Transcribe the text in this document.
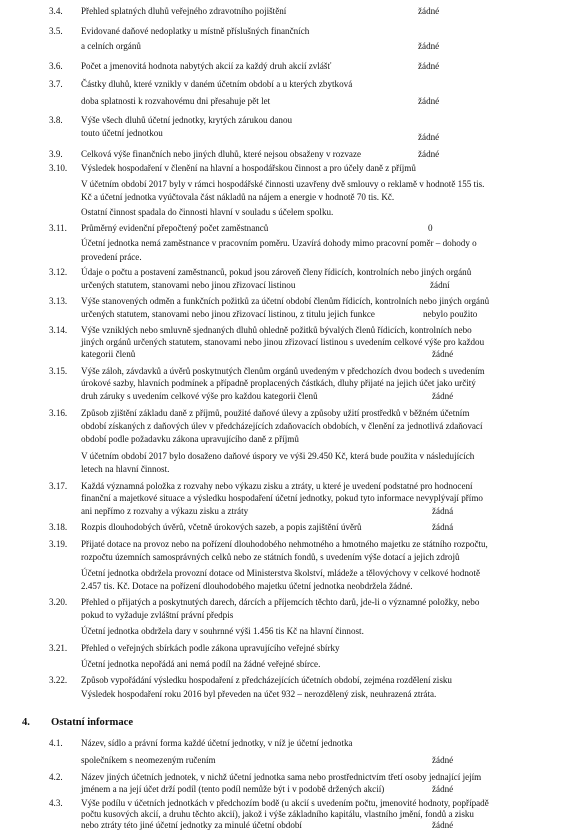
3.4. Přehled splatných dluhů veřejného zdravotního pojištění	žádné
3.5. Evidované daňové nedoplatky u místně příslušných finančních
a celních orgánů	žádné
3.6. Počet a jmenovitá hodnota nabytých akcií za každý druh akcií zvlášť	žádné
3.7. Částky dluhů, které vznikly v daném účetním období a u kterých zbytková
doba splatnosti k rozvahovému dni přesahuje pět let	žádné
3.8. Výše všech dluhů účetní jednotky, krytých zárukou danou
touto účetní jednotkou	žádné
3.9. Celková výše finančních nebo jiných dluhů, které nejsou obsaženy v rozvaze	žádné
3.10. Výsledek hospodaření v členění na hlavní a hospodářskou činnost a pro účely daně z příjmů
V účetním období 2017 byly v rámci hospodářské činnosti uzavřeny dvě smlouvy o reklamě v hodnotě 155 tis.
Kč a účetní jednotka vyúčtovala část nákladů na nájem a energie v hodnotě 70 tis. Kč.
Ostatní činnost spadala do činnosti hlavní v souladu s účelem spolku.
3.11. Průměrný evidenční přepočtený počet zaměstnanců	0
Účetní jednotka nemá zaměstnance v pracovním poměru. Uzavírá dohody mimo pracovní poměr – dohody o
provedení práce.
3.12. Údaje o počtu a postavení zaměstnanců, pokud jsou zároveň členy řídicích, kontrolních nebo jiných orgánů
určených statutem, stanovami nebo jinou zřizovací listinou	žádní
3.13. Výše stanovených odměn a funkčních požitků za účetní období členům řídicích, kontrolních nebo jiných orgánů
určených statutem, stanovami nebo jinou zřizovací listinou, z titulu jejich funkce	nebylo použito
3.14. Výše vzniklých nebo smluvně sjednaných dluhů ohledně požitků bývalých členů řídicích, kontrolních nebo
jiných orgánů určených statutem, stanovami nebo jinou zřizovací listinou s uvedením celkové výše pro každou
kategorii členů	žádné
3.15. Výše záloh, závdavků a úvěrů poskytnutých členům orgánů uvedeným v předchozích dvou bodech s uvedením
úrokové sazby, hlavních podmínek a případně proplacených částkách, dluhy přijaté na jejich účet jako určitý
druh záruky s uvedením celkové výše pro každou kategorii členů	žádné
3.16. Způsob zjištění základu daně z příjmů, použité daňové úlevy a způsoby užití prostředků v běžném účetním
období získaných z daňových úlev v předcházejících zdaňovacích obdobích, v členění za jednotlivá zdaňovací
období podle požadavku zákona upravujícího daně z příjmů
V účetním období 2017 bylo dosaženo daňové úspory ve výši 29.450 Kč, která bude použita v následujících
letech na hlavní činnost.
3.17. Každá významná položka z rozvahy nebo výkazu zisku a ztráty, u které je uvedení podstatné pro hodnocení
finanční a majetkové situace a výsledku hospodaření účetní jednotky, pokud tyto informace nevyplývají přímo
ani nepřímo z rozvahy a výkazu zisku a ztráty	žádná
3.18. Rozpis dlouhodobých úvěrů, včetně úrokových sazeb, a popis zajištění úvěrů	žádná
3.19. Přijaté dotace na provoz nebo na pořízení dlouhodobého nehmotného a hmotného majetku ze státního rozpočtu,
rozpočtu územních samosprávných celků nebo ze státních fondů, s uvedením výše dotací a jejich zdrojů
Účetní jednotka obdržela provozní dotace od Ministerstva školství, mládeže a tělovýchovy v celkové hodnotě
2.457 tis. Kč. Dotace na pořízení dlouhodobého majetku účetní jednotka neobdržela žádné.
3.20. Přehled o přijatých a poskytnutých darech, dárcích a příjemcích těchto darů, jde-li o významné položky, nebo
pokud to vyžaduje zvláštní právní předpis
Účetní jednotka obdržela dary v souhrnné výši 1.456 tis Kč na hlavní činnost.
3.21. Přehled o veřejných sbírkách podle zákona upravujícího veřejné sbírky
Účetní jednotka nepořádá ani nemá podíl na žádné veřejné sbírce.
3.22. Způsob vypořádání výsledku hospodaření z předcházejících účetních období, zejména rozdělení zisku
Výsledek hospodaření roku 2016 byl převeden na účet 932 – nerozdělený zisk, neuhrazená ztráta.
4. Ostatní informace
4.1. Název, sídlo a právní forma každé účetní jednotky, v níž je účetní jednotka
společníkem s neomezeným ručením	žádné
4.2. Název jiných účetních jednotek, v nichž účetní jednotka sama nebo prostřednictvím třetí osoby jednající jejím
jménem a na její účet drží podíl (tento podíl nemůže být i v podobě držených akcií)	žádné
4.3. Výše podílu v účetních jednotkách v předchozím bodě (u akcií s uvedením počtu, jmenovité hodnoty, popřípadě
počtu kusových akcií, a druhu těchto akcií), jakož i výše základního kapitálu, vlastního jmění, fondů a zisku
nebo ztráty této jiné účetní jednotky za minulé účetní období	žádné
